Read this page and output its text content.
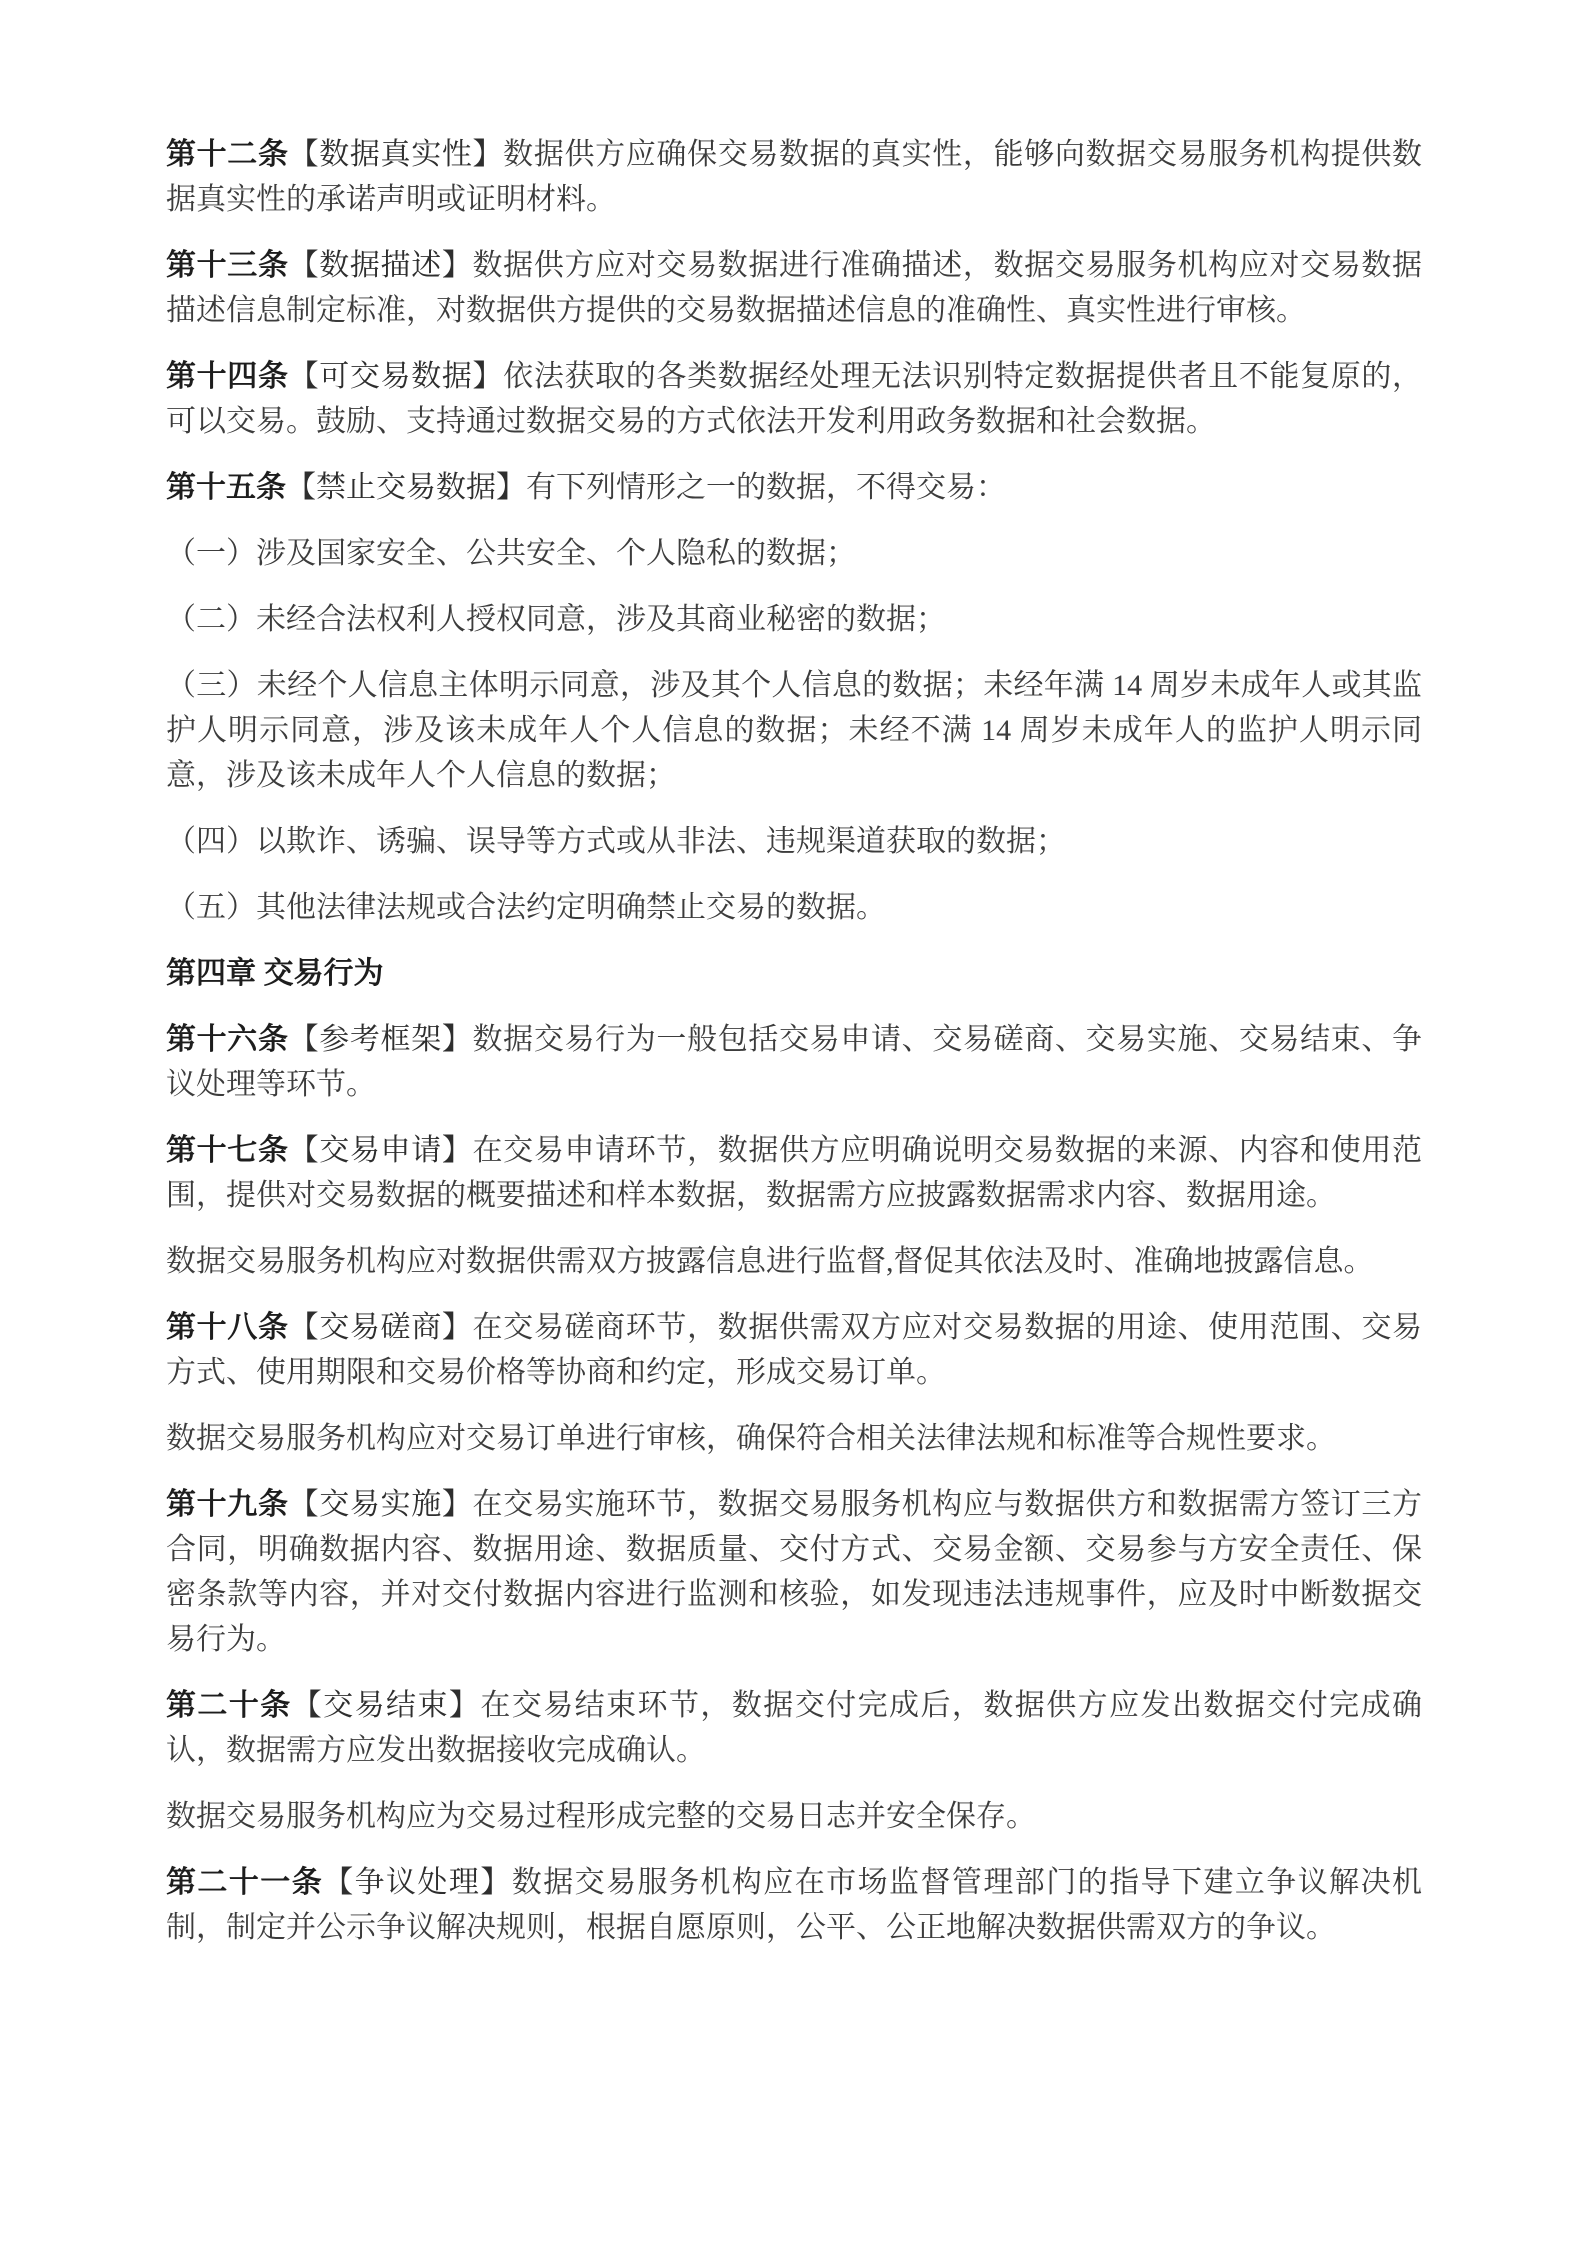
第十二条【数据真实性】数据供方应确保交易数据的真实性，能够向数据交易服务机构提供数据真实性的承诺声明或证明材料。

第十三条【数据描述】数据供方应对交易数据进行准确描述，数据交易服务机构应对交易数据描述信息制定标准，对数据供方提供的交易数据描述信息的准确性、真实性进行审核。

第十四条【可交易数据】依法获取的各类数据经处理无法识别特定数据提供者且不能复原的，可以交易。鼓励、支持通过数据交易的方式依法开发利用政务数据和社会数据。

第十五条【禁止交易数据】有下列情形之一的数据，不得交易：

（一）涉及国家安全、公共安全、个人隐私的数据；

（二）未经合法权利人授权同意，涉及其商业秘密的数据；

（三）未经个人信息主体明示同意，涉及其个人信息的数据；未经年满 14 周岁未成年人或其监护人明示同意，涉及该未成年人个人信息的数据；未经不满 14 周岁未成年人的监护人明示同意，涉及该未成年人个人信息的数据；

（四）以欺诈、诱骗、误导等方式或从非法、违规渠道获取的数据；

（五）其他法律法规或合法约定明确禁止交易的数据。

第四章 交易行为

第十六条【参考框架】数据交易行为一般包括交易申请、交易磋商、交易实施、交易结束、争议处理等环节。

第十七条【交易申请】在交易申请环节，数据供方应明确说明交易数据的来源、内容和使用范围，提供对交易数据的概要描述和样本数据，数据需方应披露数据需求内容、数据用途。

数据交易服务机构应对数据供需双方披露信息进行监督,督促其依法及时、准确地披露信息。

第十八条【交易磋商】在交易磋商环节，数据供需双方应对交易数据的用途、使用范围、交易方式、使用期限和交易价格等协商和约定，形成交易订单。

数据交易服务机构应对交易订单进行审核，确保符合相关法律法规和标准等合规性要求。

第十九条【交易实施】在交易实施环节，数据交易服务机构应与数据供方和数据需方签订三方合同，明确数据内容、数据用途、数据质量、交付方式、交易金额、交易参与方安全责任、保密条款等内容，并对交付数据内容进行监测和核验，如发现违法违规事件，应及时中断数据交易行为。

第二十条【交易结束】在交易结束环节，数据交付完成后，数据供方应发出数据交付完成确认，数据需方应发出数据接收完成确认。

数据交易服务机构应为交易过程形成完整的交易日志并安全保存。

第二十一条【争议处理】数据交易服务机构应在市场监督管理部门的指导下建立争议解决机制，制定并公示争议解决规则，根据自愿原则，公平、公正地解决数据供需双方的争议。
